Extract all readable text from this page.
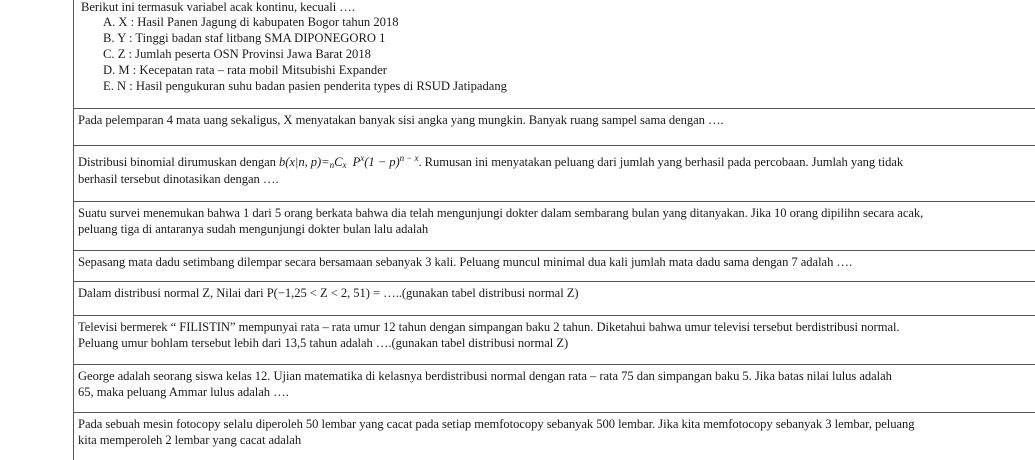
Berikut ini termasuk variabel acak kontinu, kecuali ….
A. X : Hasil Panen Jagung di kabupaten Bogor tahun 2018
B. Y : Tinggi badan staf litbang SMA DIPONEGORO 1
C. Z : Jumlah peserta OSN Provinsi Jawa Barat 2018
D. M : Kecepatan rata – rata mobil Mitsubishi Expander
E. N : Hasil pengukuran suhu badan pasien penderita types di RSUD Jatipadang
Pada pelemparan 4 mata uang sekaligus, X menyatakan banyak sisi angka yang mungkin. Banyak ruang sampel sama dengan ….
Distribusi binomial dirumuskan dengan b(x|n, $p)=_nC_x$ $P^x(1 - p)^{n - x}$. Rumusan ini menyatakan peluang dari jumlah yang berhasil pada percobaan. Jumlah yang tidak
berhasil tersebut dinotasikan dengan ….
Suatu survei menemukan bahwa 1 dari 5 orang berkata bahwa dia telah mengunjungi dokter dalam sembarang bulan yang ditanyakan. Jika 10 orang dipilihn secara acak,
peluang tiga di antaranya sudah mengunjungi dokter bulan lalu adalah
Sepasang mata dadu setimbang dilempar secara bersamaan sebanyak 3 kali. Peluang muncul minimal dua kali jumlah mata dadu sama dengan 7 adalah ….
Dalam distribusi normal Z, Nilai dari P(−1,25 < Z < 2, 51) = …..(gunakan tabel distribusi normal Z)
Televisi bermerek “ FILISTIN” mempunyai rata – rata umur 12 tahun dengan simpangan baku 2 tahun. Diketahui bahwa umur televisi tersebut berdistribusi normal.
Peluang umur bohlam tersebut lebih dari 13,5 tahun adalah ….(gunakan tabel distribusi normal Z)
George adalah seorang siswa kelas 12. Ujian matematika di kelasnya berdistribusi normal dengan rata – rata 75 dan simpangan baku 5. Jika batas nilai lulus adalah
65, maka peluang Ammar lulus adalah ….
Pada sebuah mesin fotocopy selalu diperoleh 50 lembar yang cacat pada setiap memfotocopy sebanyak 500 lembar. Jika kita memfotocopy sebanyak 3 lembar, peluang
kita memperoleh 2 lembar yang cacat adalah
